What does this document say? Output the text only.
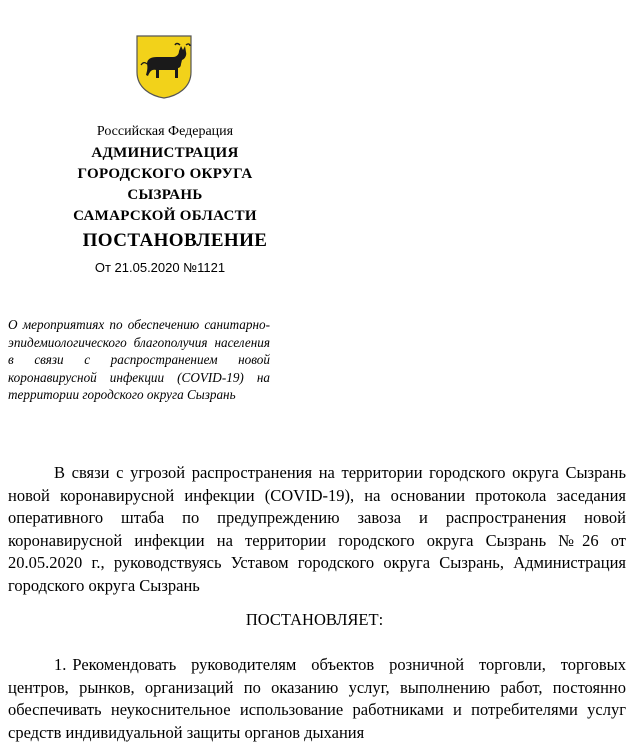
Российская Федерация
АДМИНИСТРАЦИЯ
ГОРОДСКОГО ОКРУГА
СЫЗРАНЬ
САМАРСКОЙ ОБЛАСТИ
ПОСТАНОВЛЕНИЕ
От 21.05.2020 №1121
О мероприятиях по обеспечению санитарно-эпидемиологического благополучия населения в связи с распространением новой коронавирусной инфекции (COVID-19) на территории городского округа Сызрань
В связи с угрозой распространения на территории городского округа Сызрань новой коронавирусной инфекции (COVID-19), на основании протокола заседания оперативного штаба по предупреждению завоза и распространения новой коронавирусной инфекции на территории городского округа Сызрань №26 от 20.05.2020 г., руководствуясь Уставом городского округа Сызрань, Администрация городского округа Сызрань
ПОСТАНОВЛЯЕТ:
1. Рекомендовать руководителям объектов розничной торговли, торговых центров, рынков, организаций по оказанию услуг, выполнению работ, постоянно обеспечивать неукоснительное использование работниками и потребителями услуг средств индивидуальной защиты органов дыхания
